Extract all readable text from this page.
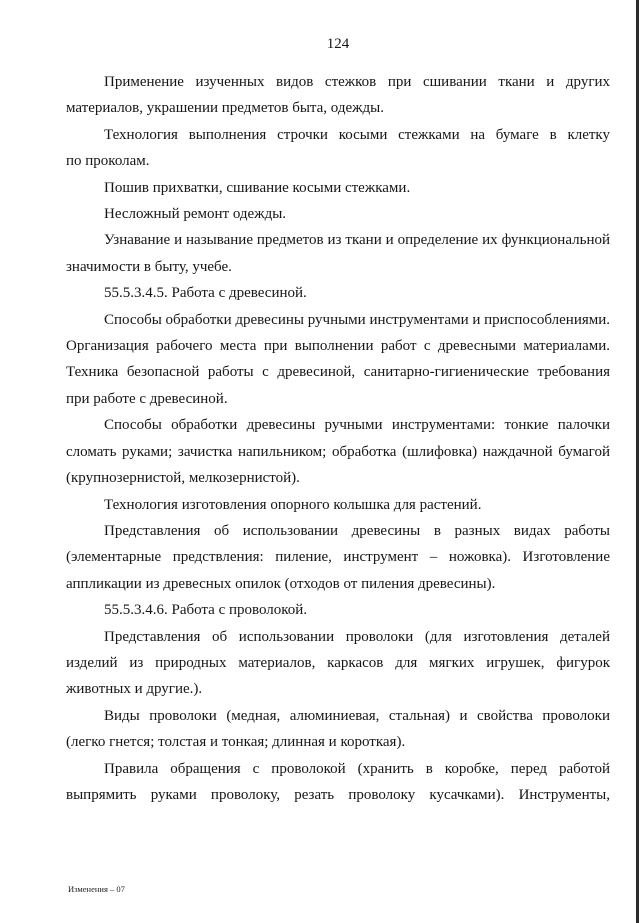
124
Применение изученных видов стежков при сшивании ткани и других
материалов, украшении предметов быта, одежды.
Технология выполнения строчки косыми стежками на бумаге в клетку
по проколам.
Пошив прихватки, сшивание косыми стежками.
Несложный ремонт одежды.
Узнавание и называние предметов из ткани и определение их функциональной
значимости в быту, учебе.
55.5.3.4.5. Работа с древесиной.
Способы обработки древесины ручными инструментами и приспособлениями.
Организация рабочего места при выполнении работ с древесными материалами.
Техника безопасной работы с древесиной, санитарно-гигиенические требования
при работе с древесиной.
Способы обработки древесины ручными инструментами: тонкие палочки
сломать руками; зачистка напильником; обработка (шлифовка) наждачной бумагой
(крупнозернистой, мелкозернистой).
Технология изготовления опорного колышка для растений.
Представления об использовании древесины в разных видах работы
(элементарные предствления: пиление, инструмент – ножовка). Изготовление
аппликации из древесных опилок (отходов от пиления древесины).
55.5.3.4.6. Работа с проволокой.
Представления об использовании проволоки (для изготовления деталей
изделий из природных материалов, каркасов для мягких игрушек, фигурок
животных и другие.).
Виды проволоки (медная, алюминиевая, стальная) и свойства проволоки
(легко гнется; толстая и тонкая; длинная и короткая).
Правила обращения с проволокой (хранить в коробке, перед работой
выпрямить руками проволоку, резать проволоку кусачками). Инструменты,
Изменения – 07
